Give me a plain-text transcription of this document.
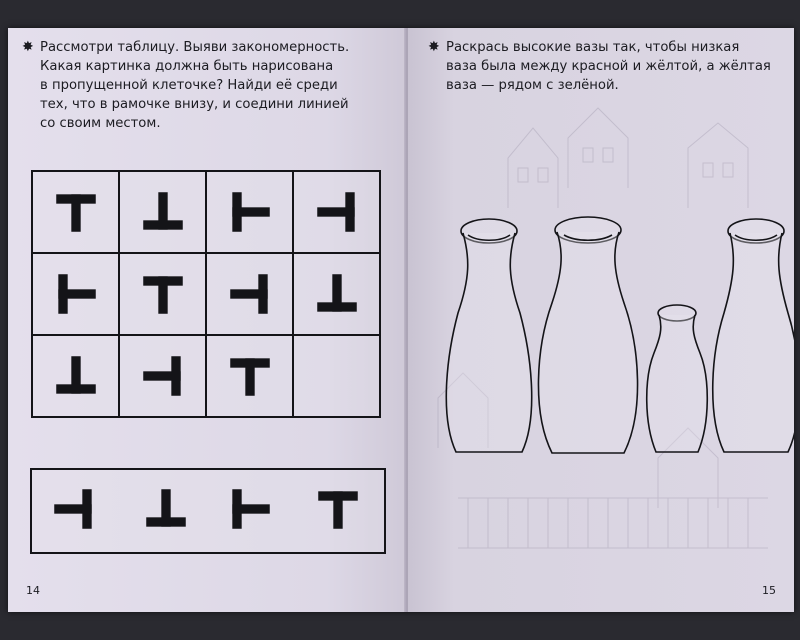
✸ Рассмотри таблицу. Выяви закономерность.
Какая картинка должна быть нарисована
в пропущенной клеточке? Найди её среди
тех, что в рамочке внизу, и соедини линией
со своим местом.

14
✸ Раскрась высокие вазы так, чтобы низкая
ваза была между красной и жёлтой, а жёлтая
ваза — рядом с зелёной.
15
